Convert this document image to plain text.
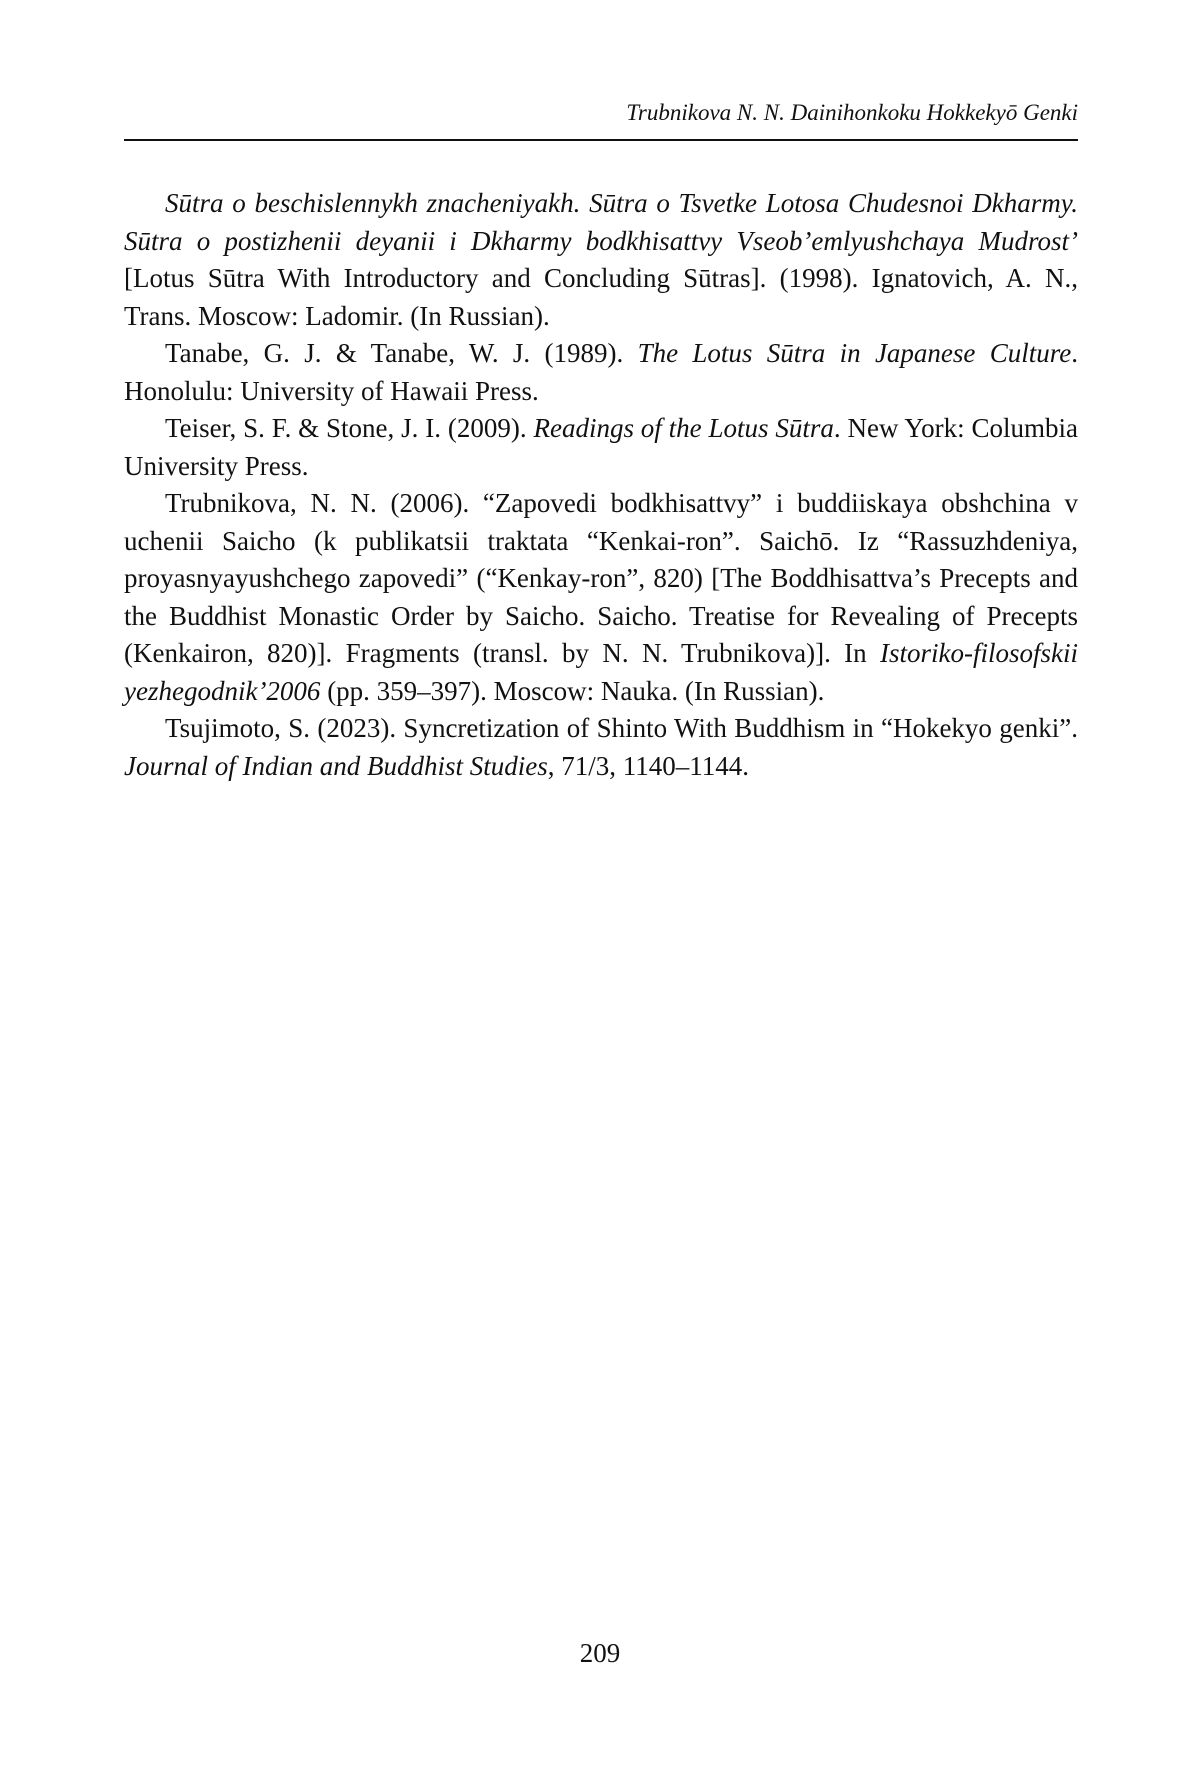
Trubnikova N. N. Dainihonkoku Hokkekyō Genki

Sūtra o beschislennykh znacheniyakh. Sūtra o Tsvetke Lotosa Chudesnoi Dkharmy. Sūtra o postizhenii deyanii i Dkharmy bodkhisattvy Vseob’emlyushchaya Mudrost’ [Lotus Sūtra With Introductory and Concluding Sūtras]. (1998). Ignatovich, A. N., Trans. Moscow: Ladomir. (In Russian).

Tanabe, G. J. & Tanabe, W. J. (1989). The Lotus Sūtra in Japanese Culture. Honolulu: University of Hawaii Press.

Teiser, S. F. & Stone, J. I. (2009). Readings of the Lotus Sūtra. New York: Columbia University Press.

Trubnikova, N. N. (2006). “Zapovedi bodkhisattvy” i buddiiskaya obshchina v uchenii Saicho (k publikatsii traktata “Kenkai-ron”. Saichō. Iz “Rassuzhdeniya, proyasnyayushchego zapovedi” (“Kenkay-ron”, 820) [The Boddhisattva’s Precepts and the Buddhist Monastic Order by Saicho. Saicho. Treatise for Revealing of Precepts (Kenkairon, 820)]. Fragments (transl. by N. N. Trubnikova)]. In Istoriko-filosofskii yezhegodnik’2006 (pp. 359–397). Moscow: Nauka. (In Russian).

Tsujimoto, S. (2023). Syncretization of Shinto With Buddhism in “Hokekyo genki”. Journal of Indian and Buddhist Studies, 71/3, 1140–1144.

209
